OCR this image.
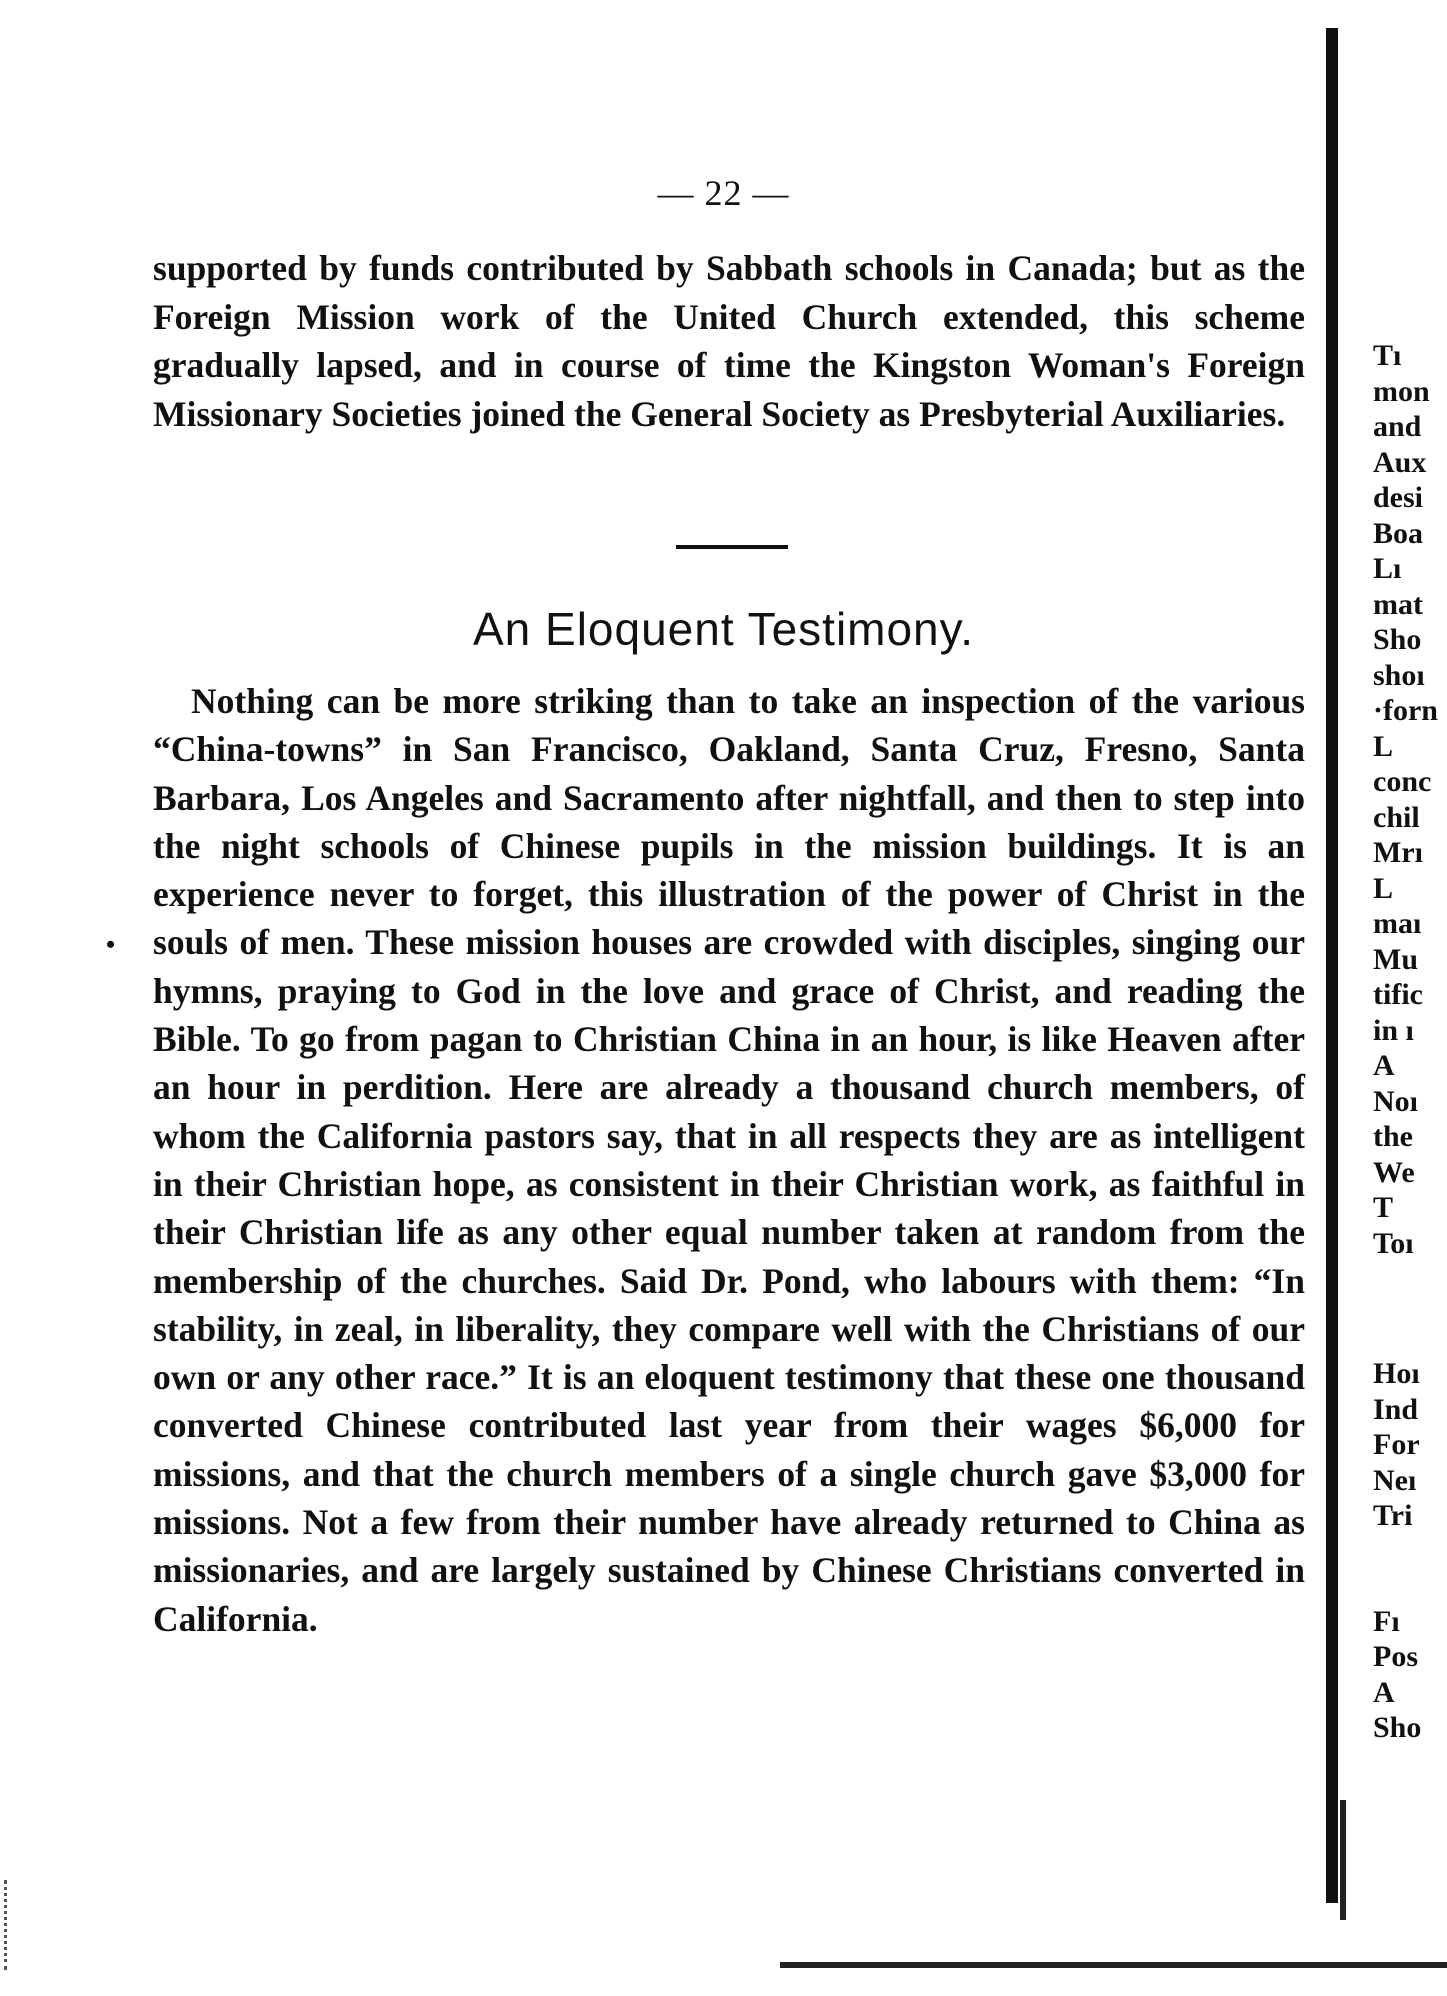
— 22 —
supported by funds contributed by Sabbath schools in Canada; but as the Foreign Mission work of the United Church extended, this scheme gradually lapsed, and in course of time the Kingston Woman's Foreign Missionary Societies joined the General Society as Presbyterial Auxiliaries.
An Eloquent Testimony.
Nothing can be more striking than to take an inspection of the various “China-towns” in San Francisco, Oakland, Santa Cruz, Fresno, Santa Barbara, Los Angeles and Sacramento after nightfall, and then to step into the night schools of Chinese pupils in the mission buildings. It is an experience never to forget, this illustration of the power of Christ in the souls of men. These mission houses are crowded with disciples, singing our hymns, praying to God in the love and grace of Christ, and reading the Bible. To go from pagan to Christian China in an hour, is like Heaven after an hour in perdition. Here are already a thousand church members, of whom the California pastors say, that in all respects they are as intelligent in their Christian hope, as consistent in their Christian work, as faithful in their Christian life as any other equal number taken at random from the membership of the churches. Said Dr. Pond, who labours with them: “In stability, in zeal, in liberality, they compare well with the Christians of our own or any other race.” It is an eloquent testimony that these one thousand converted Chinese contributed last year from their wages $6,000 for missions, and that the church members of a single church gave $3,000 for missions. Not a few from their number have already returned to China as missionaries, and are largely sustained by Chinese Christians converted in California.
•
Tı
mon
and
Aux
desi
Boa
Lı
mat
Sho
shoı
·forn
L
conc
chil
Mrı
L
maı
Mu
tific
in ı
A
Noı
the
We
T
Toı
Hoı
Ind
For
Neı
Tri
Fı
Pos
A
Sho
